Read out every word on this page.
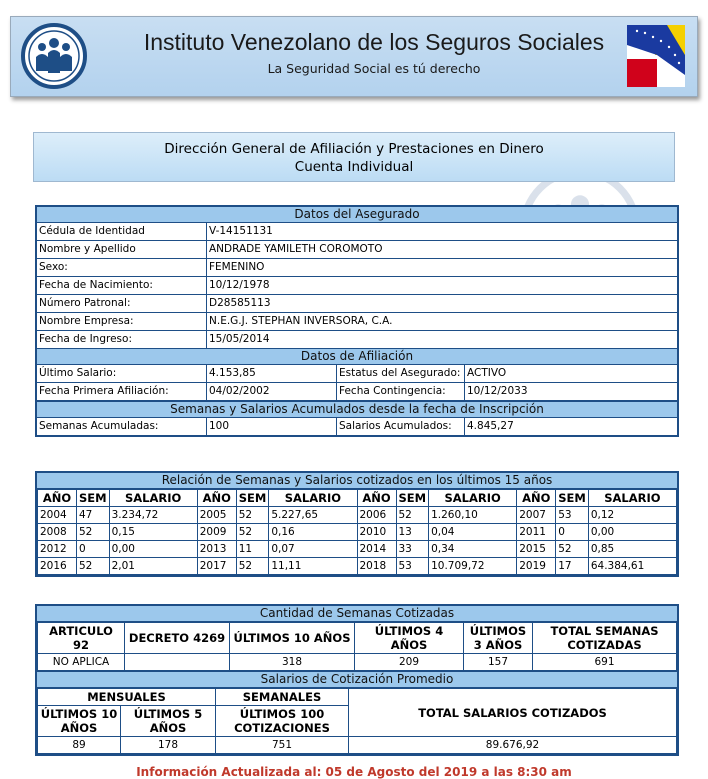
Instituto Venezolano de los Seguros Sociales
La Seguridad Social es tú derecho
Dirección General de Afiliación y Prestaciones en Dinero
Cuenta Individual
Datos del Asegurado
Cédula de Identidad	V-14151131
Nombre y Apellido	ANDRADE YAMILETH COROMOTO
Sexo:	FEMENINO
Fecha de Nacimiento:	10/12/1978
Número Patronal:	D28585113
Nombre Empresa:	N.E.G.J. STEPHAN INVERSORA, C.A.
Fecha de Ingreso:	15/05/2014
Datos de Afiliación
Último Salario:	4.153,85	Estatus del Asegurado: ACTIVO
Fecha Primera Afiliación:	04/02/2002	Fecha Contingencia:	10/12/2033
Semanas y Salarios Acumulados desde la fecha de Inscripción
Semanas Acumuladas:	100	Salarios Acumulados:	4.845,27
Relación de Semanas y Salarios cotizados en los últimos 15 años
AÑO	SEM	SALARIO	AÑO	SEM	SALARIO	AÑO	SEM	SALARIO	AÑO	SEM	SALARIO
2004	47	3.234,72	2005	52	5.227,65	2006	52	1.260,10	2007	53	0,12
2008	52	0,15	2009	52	0,16	2010	13	0,04	2011	0	0,00
2012	0	0,00	2013	11	0,07	2014	33	0,34	2015	52	0,85
2016	52	2,01	2017	52	11,11	2018	53	10.709,72	2019	17	64.384,61
Cantidad de Semanas Cotizadas
ARTICULO 92	DECRETO 4269	ÚLTIMOS 10 AÑOS	ÚLTIMOS 4 AÑOS	ÚLTIMOS 3 AÑOS	TOTAL SEMANAS COTIZADAS
NO APLICA		318	209	157	691
Salarios de Cotización Promedio
MENSUALES		SEMANALES	TOTAL SALARIOS COTIZADOS
ÚLTIMOS 10 AÑOS	ÚLTIMOS 5 AÑOS	ÚLTIMOS 100 COTIZACIONES	
89	178	751	89.676,92
Información Actualizada al: 05 de Agosto del 2019 a las 8:30 am
